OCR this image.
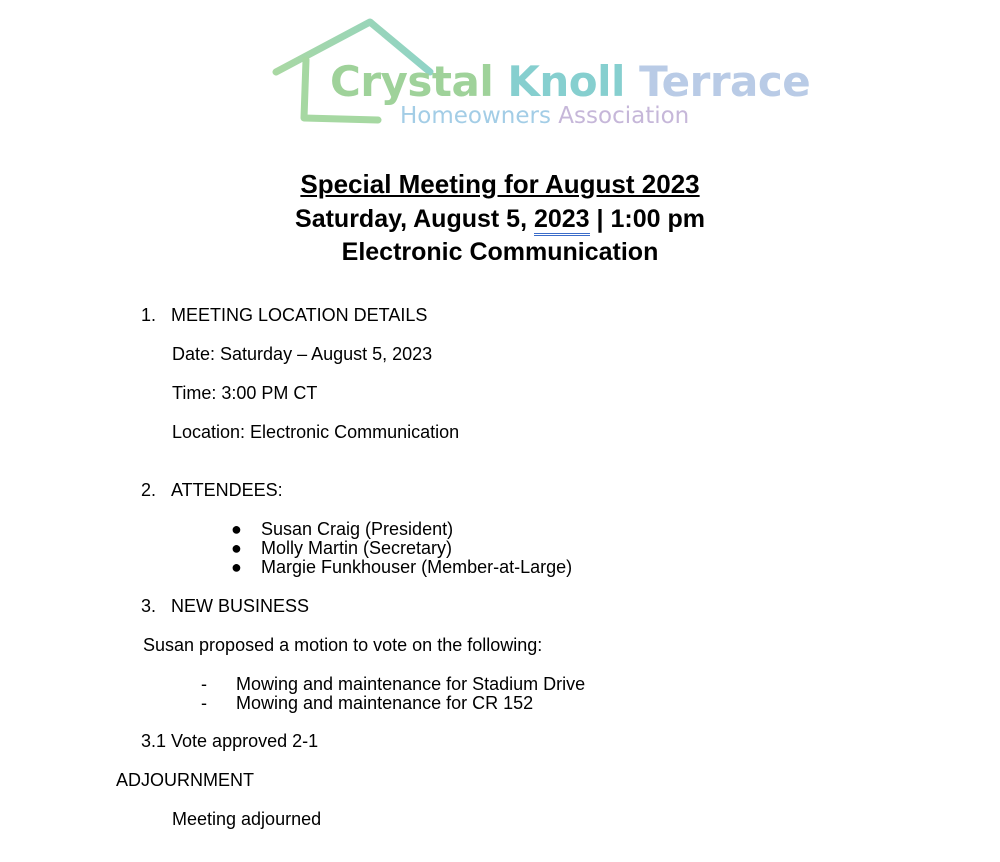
Crystal Knoll Terrace
Homeowners Association
Special Meeting for August 2023
Saturday, August 5, 2023 | 1:00 pm
Electronic Communication
1. MEETING LOCATION DETAILS
Date: Saturday – August 5, 2023
Time: 3:00 PM CT
Location: Electronic Communication
2. ATTENDEES:
● Susan Craig (President)
● Molly Martin (Secretary)
● Margie Funkhouser (Member-at-Large)
3. NEW BUSINESS
Susan proposed a motion to vote on the following:
- Mowing and maintenance for Stadium Drive
- Mowing and maintenance for CR 152
3.1 Vote approved 2-1
ADJOURNMENT
Meeting adjourned
